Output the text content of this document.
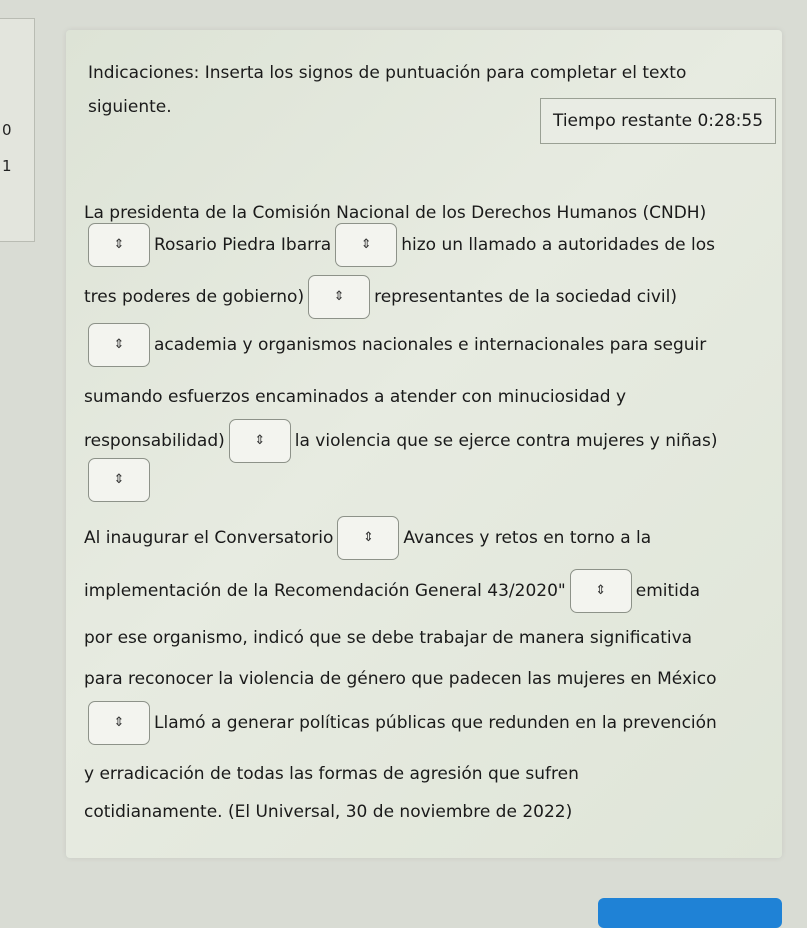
0
1
Indicaciones: Inserta los signos de puntuación para completar el texto siguiente.
Tiempo restante
0:28:55
La presidenta de la Comisión Nacional de los Derechos Humanos (CNDH)
⇕ Rosario Piedra Ibarra ⇕ hizo un llamado a autoridades de los
tres poderes de gobierno) ⇕ representantes de la sociedad civil)
⇕ academia y organismos nacionales e internacionales para seguir
sumando esfuerzos encaminados a atender con minuciosidad y
responsabilidad) ⇕ la violencia que se ejerce contra mujeres y niñas)
⇕
Al inaugurar el Conversatorio ⇕ Avances y retos en torno a la
implementación de la Recomendación General 43/2020" ⇕ emitida
por ese organismo, indicó que se debe trabajar de manera significativa
para reconocer la violencia de género que padecen las mujeres en México
⇕ Llamó a generar políticas públicas que redunden en la prevención
y erradicación de todas las formas de agresión que sufren
cotidianamente. (El Universal, 30 de noviembre de 2022)
